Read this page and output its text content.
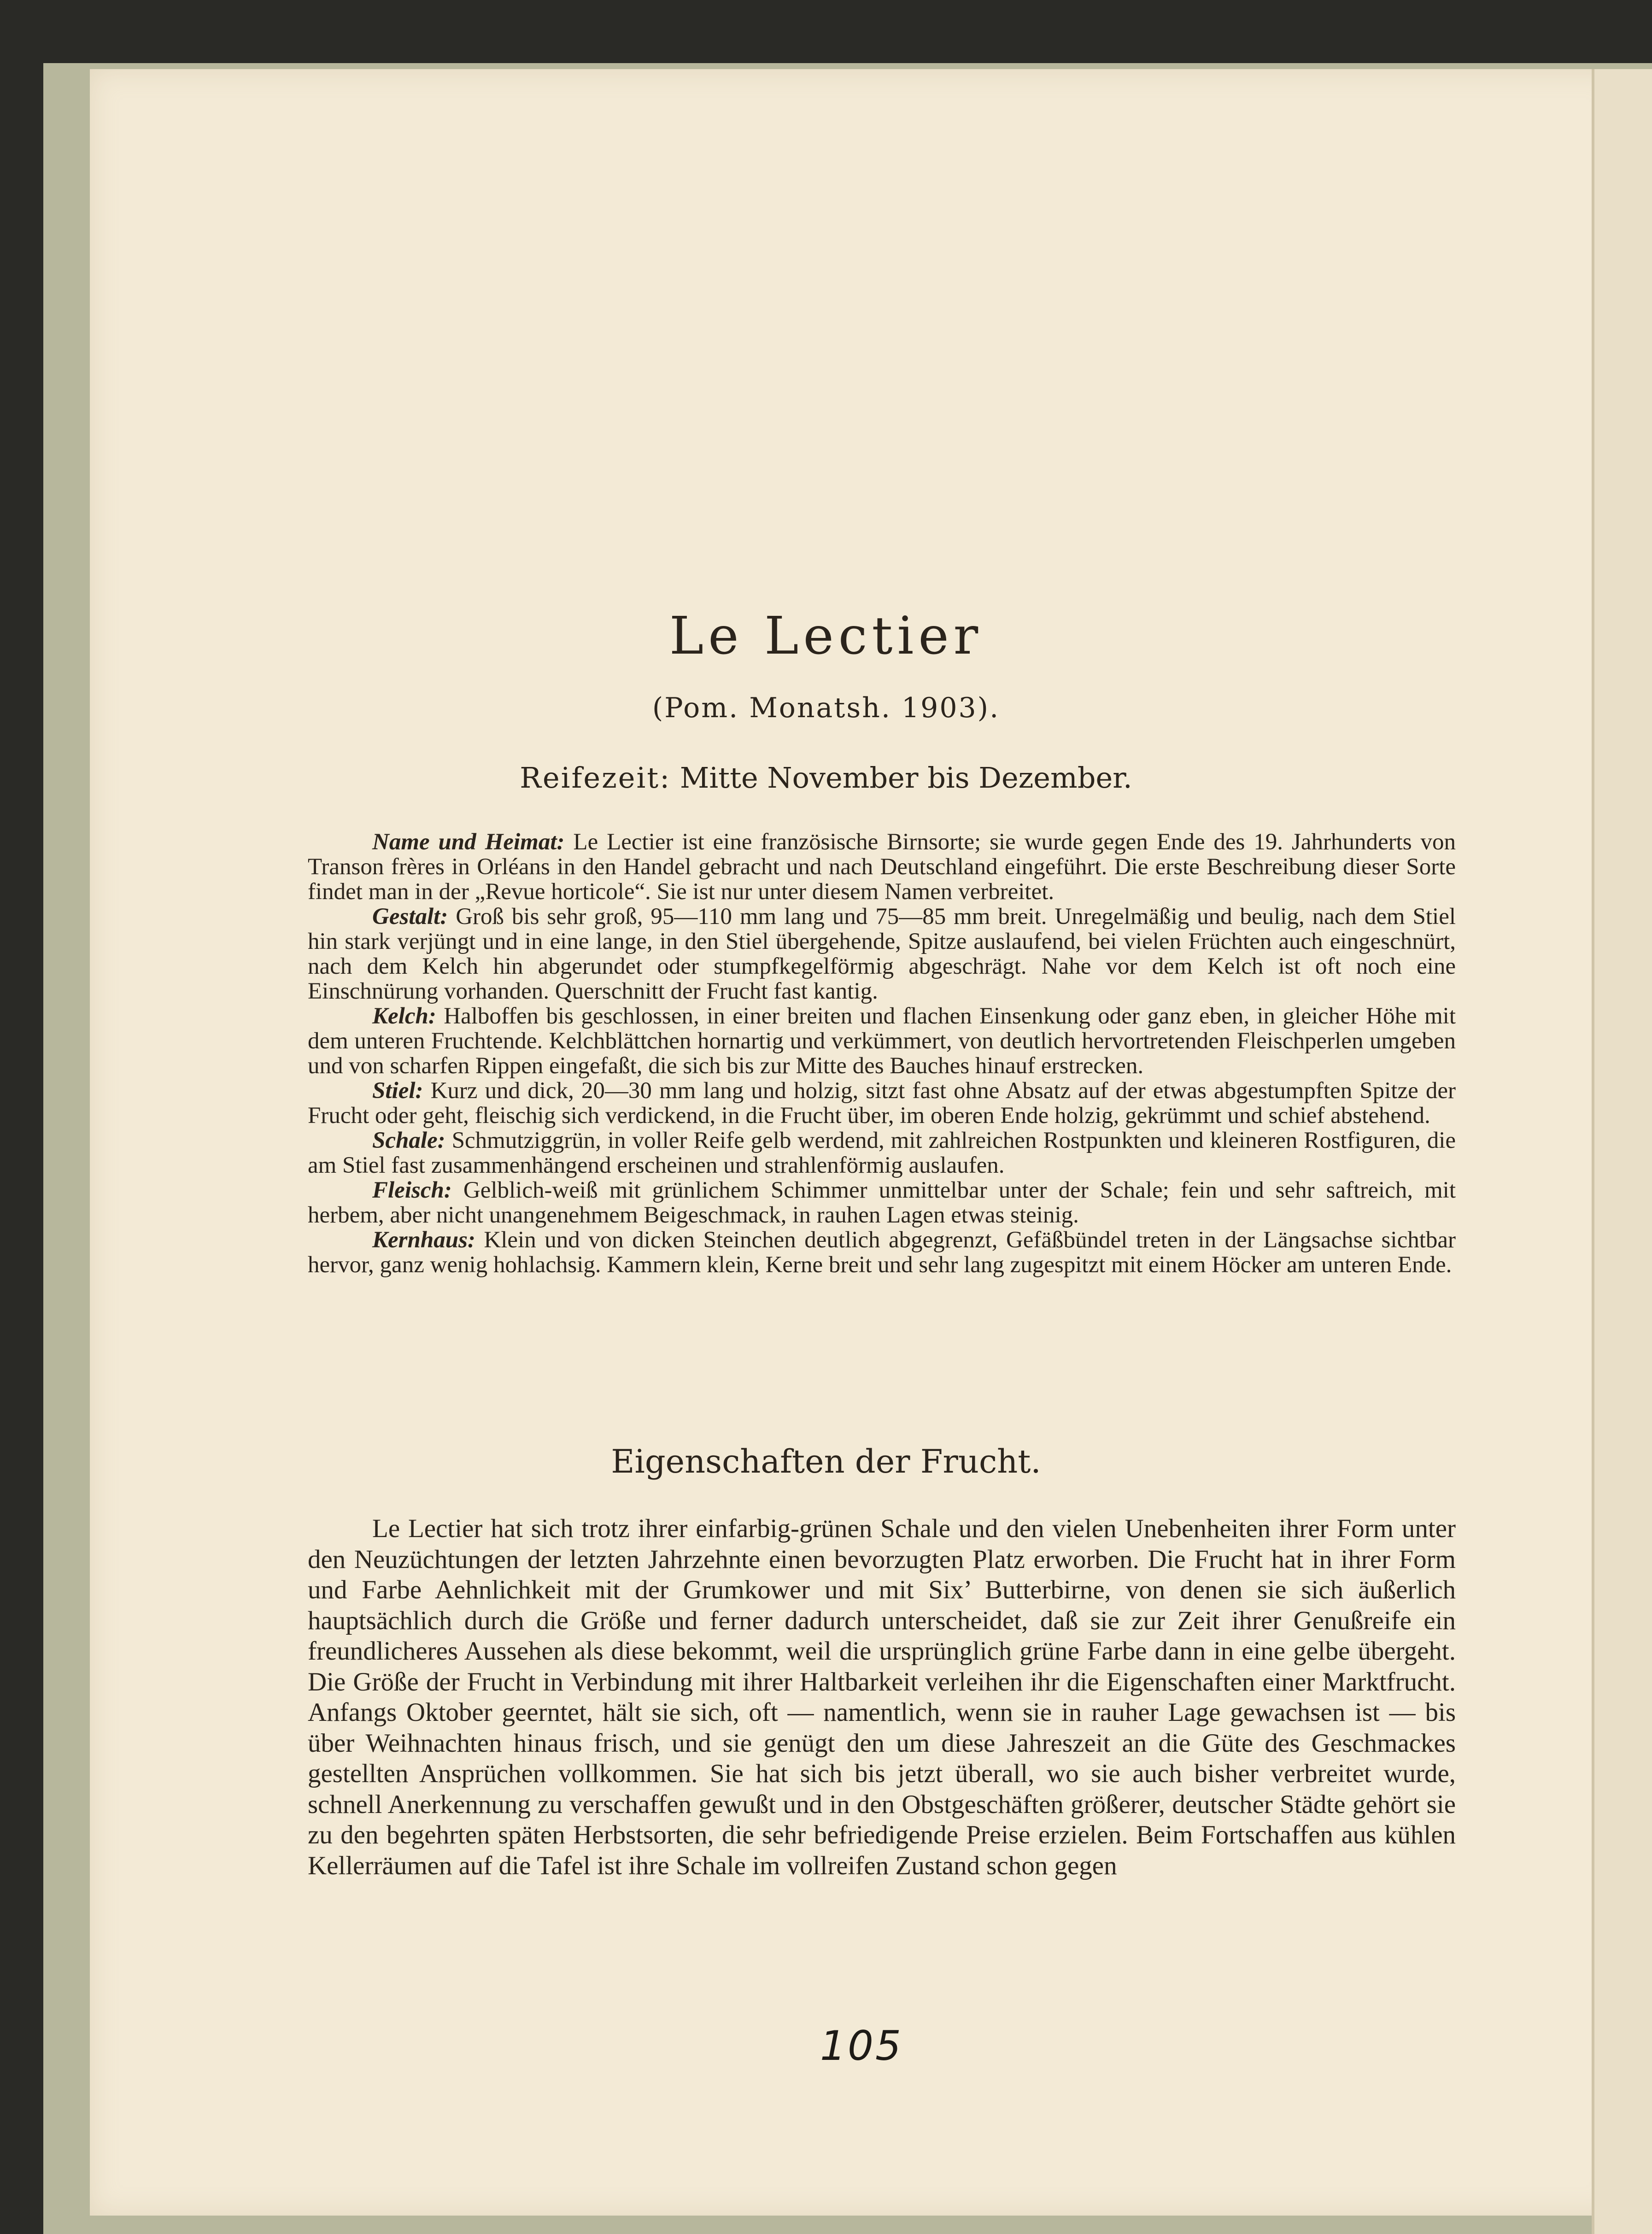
Le Lectier
(Pom. Monatsh. 1903).
Reifezeit: Mitte November bis Dezember.

Name und Heimat: Le Lectier ist eine französische Birnsorte; sie wurde gegen Ende des 19. Jahrhunderts von Transon frères in Orléans in den Handel gebracht und nach Deutschland eingeführt. Die erste Beschreibung dieser Sorte findet man in der „Revue horticole“. Sie ist nur unter diesem Namen verbreitet.

Gestalt: Groß bis sehr groß, 95—110 mm lang und 75—85 mm breit. Unregelmäßig und beulig, nach dem Stiel hin stark verjüngt und in eine lange, in den Stiel übergehende, Spitze auslaufend, bei vielen Früchten auch eingeschnürt, nach dem Kelch hin abgerundet oder stumpfkegelförmig abgeschrägt. Nahe vor dem Kelch ist oft noch eine Einschnürung vorhanden. Querschnitt der Frucht fast kantig.

Kelch: Halboffen bis geschlossen, in einer breiten und flachen Einsenkung oder ganz eben, in gleicher Höhe mit dem unteren Fruchtende. Kelchblättchen hornartig und verkümmert, von deutlich hervortretenden Fleischperlen umgeben und von scharfen Rippen eingefaßt, die sich bis zur Mitte des Bauches hinauf erstrecken.

Stiel: Kurz und dick, 20—30 mm lang und holzig, sitzt fast ohne Absatz auf der etwas abgestumpften Spitze der Frucht oder geht, fleischig sich verdickend, in die Frucht über, im oberen Ende holzig, gekrümmt und schief abstehend.

Schale: Schmutziggrün, in voller Reife gelb werdend, mit zahlreichen Rostpunkten und kleineren Rostfiguren, die am Stiel fast zusammenhängend erscheinen und strahlenförmig auslaufen.

Fleisch: Gelblich-weiß mit grünlichem Schimmer unmittelbar unter der Schale; fein und sehr saftreich, mit herbem, aber nicht unangenehmem Beigeschmack, in rauhen Lagen etwas steinig.

Kernhaus: Klein und von dicken Steinchen deutlich abgegrenzt, Gefäßbündel treten in der Längsachse sichtbar hervor, ganz wenig hohlachsig. Kammern klein, Kerne breit und sehr lang zugespitzt mit einem Höcker am unteren Ende.

Eigenschaften der Frucht.

Le Lectier hat sich trotz ihrer einfarbig-grünen Schale und den vielen Unebenheiten ihrer Form unter den Neuzüchtungen der letzten Jahrzehnte einen bevorzugten Platz erworben. Die Frucht hat in ihrer Form und Farbe Aehnlichkeit mit der Grumkower und mit Six’ Butterbirne, von denen sie sich äußerlich hauptsächlich durch die Größe und ferner dadurch unterscheidet, daß sie zur Zeit ihrer Genußreife ein freundlicheres Aussehen als diese bekommt, weil die ursprünglich grüne Farbe dann in eine gelbe übergeht. Die Größe der Frucht in Verbindung mit ihrer Haltbarkeit verleihen ihr die Eigenschaften einer Marktfrucht. Anfangs Oktober geerntet, hält sie sich, oft — namentlich, wenn sie in rauher Lage gewachsen ist — bis über Weihnachten hinaus frisch, und sie genügt den um diese Jahreszeit an die Güte des Geschmackes gestellten Ansprüchen vollkommen. Sie hat sich bis jetzt überall, wo sie auch bisher verbreitet wurde, schnell Anerkennung zu verschaffen gewußt und in den Obstgeschäften größerer, deutscher Städte gehört sie zu den begehrten späten Herbstsorten, die sehr befriedigende Preise erzielen. Beim Fortschaffen aus kühlen Kellerräumen auf die Tafel ist ihre Schale im vollreifen Zustand schon gegen

105
